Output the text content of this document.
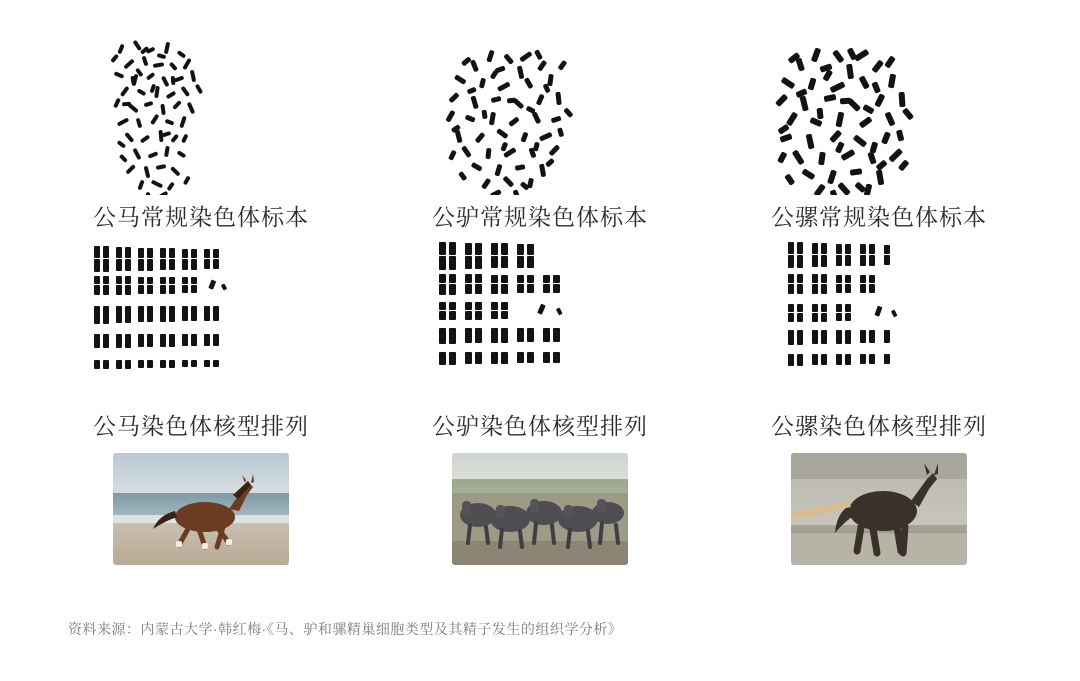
公马常规染色体标本
公马染色体核型排列
公驴常规染色体标本
公驴染色体核型排列
公骡常规染色体标本
公骡染色体核型排列
资料来源：内蒙古大学·韩红梅·《马、驴和骡精巢细胞类型及其精子发生的组织学分析》
